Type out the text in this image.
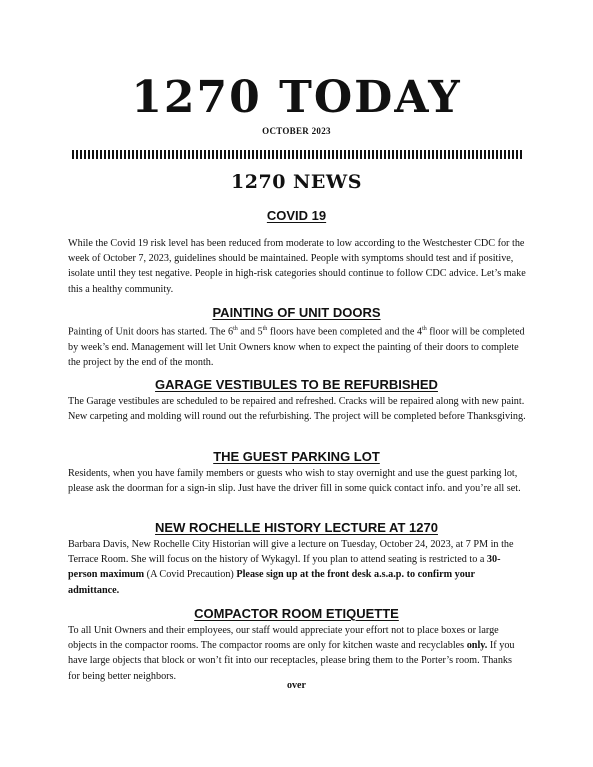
1270 TODAY
OCTOBER 2023
1270 NEWS
COVID 19
While the Covid 19 risk level has been reduced from moderate to low according to the Westchester CDC for the week of October 7, 2023, guidelines should be maintained. People with symptoms should test and if positive, isolate until they test negative. People in high-risk categories should continue to follow CDC advice. Let’s make this a healthy community.
PAINTING OF UNIT DOORS
Painting of Unit doors has started. The 6th and 5th floors have been completed and the 4th floor will be completed by week’s end. Management will let Unit Owners know when to expect the painting of their doors to complete the project by the end of the month.
GARAGE VESTIBULES TO BE REFURBISHED
The Garage vestibules are scheduled to be repaired and refreshed. Cracks will be repaired along with new paint. New carpeting and molding will round out the refurbishing. The project will be completed before Thanksgiving.
THE GUEST PARKING LOT
Residents, when you have family members or guests who wish to stay overnight and use the guest parking lot, please ask the doorman for a sign-in slip. Just have the driver fill in some quick contact info. and you’re all set.
NEW ROCHELLE HISTORY LECTURE AT 1270
Barbara Davis, New Rochelle City Historian will give a lecture on Tuesday, October 24, 2023, at 7 PM in the Terrace Room. She will focus on the history of Wykagyl. If you plan to attend seating is restricted to a 30-person maximum (A Covid Precaution) Please sign up at the front desk a.s.a.p. to confirm your admittance.
COMPACTOR ROOM ETIQUETTE
To all Unit Owners and their employees, our staff would appreciate your effort not to place boxes or large objects in the compactor rooms. The compactor rooms are only for kitchen waste and recyclables only. If you have large objects that block or won’t fit into our receptacles, please bring them to the Porter’s room. Thanks for being better neighbors.
over
